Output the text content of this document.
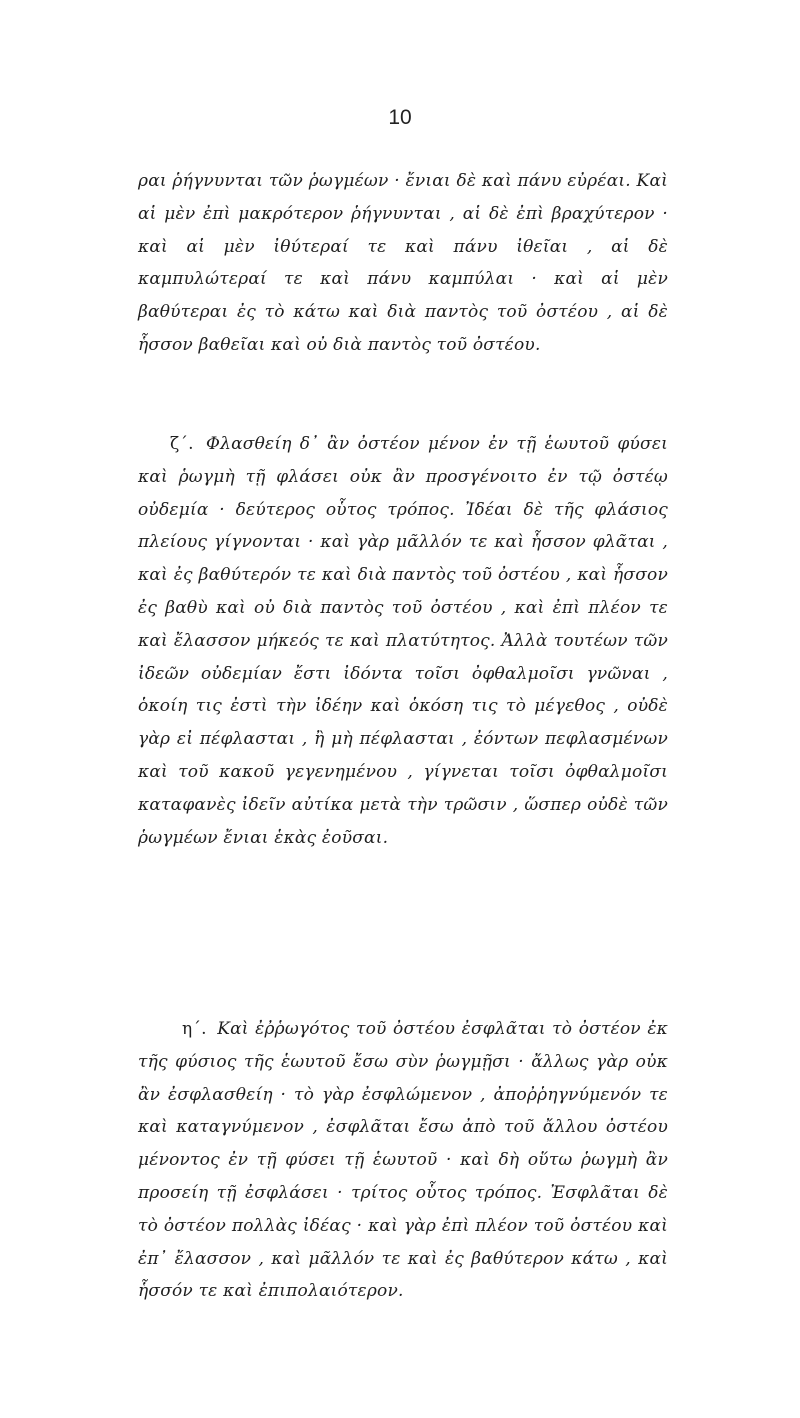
10

ραι ῥήγνυνται τῶν ῥωγμέων · ἔνιαι δὲ καὶ πάνυ εὐρέαι. Καὶ αἱ μὲν ἐπὶ μακρότερον ῥήγνυνται , αἱ δὲ ἐπὶ βραχύτερον · καὶ αἱ μὲν ἰθύτεραί τε καὶ πάνυ ἰθεῖαι , αἱ δὲ καμπυλώτεραί τε καὶ πάνυ καμπύλαι · καὶ αἱ μὲν βαθύτεραι ἐς τὸ κάτω καὶ διὰ παντὸς τοῦ ὀστέου , αἱ δὲ ἧσσον βαθεῖαι καὶ οὐ διὰ παντὸς τοῦ ὀστέου.

ζ΄. Φλασθείη δ᾽ ἂν ὀστέον μένον ἐν τῇ ἑωυτοῦ φύσει καὶ ῥωγμὴ τῇ φλάσει οὐκ ἂν προσγένοιτο ἐν τῷ ὀστέῳ οὐδεμία · δεύτερος οὗτος τρόπος. Ἰδέαι δὲ τῆς φλάσιος πλείους γίγνονται · καὶ γὰρ μᾶλλόν τε καὶ ἧσσον φλᾶται , καὶ ἐς βαθύτερόν τε καὶ διὰ παντὸς τοῦ ὀστέου , καὶ ἧσσον ἐς βαθὺ καὶ οὐ διὰ παντὸς τοῦ ὀστέου , καὶ ἐπὶ πλέον τε καὶ ἔλασσον μήκεός τε καὶ πλατύτητος. Ἀλλὰ τουτέων τῶν ἰδεῶν οὐδεμίαν ἔστι ἰδόντα τοῖσι ὀφθαλμοῖσι γνῶναι , ὁκοίη τις ἐστὶ τὴν ἰδέην καὶ ὁκόση τις τὸ μέγεθος , οὐδὲ γὰρ εἰ πέφλασται , ἢ μὴ πέφλασται , ἐόντων πεφλασμένων καὶ τοῦ κακοῦ γεγενημένου , γίγνεται τοῖσι ὀφθαλμοῖσι καταφανὲς ἰδεῖν αὐτίκα μετὰ τὴν τρῶσιν , ὥσπερ οὐδὲ τῶν ῥωγμέων ἔνιαι ἑκὰς ἐοῦσαι.

η΄. Καὶ ἐῤῥωγότος τοῦ ὀστέου ἐσφλᾶται τὸ ὀστέον ἐκ τῆς φύσιος τῆς ἑωυτοῦ ἔσω σὺν ῥωγμῇσι · ἄλλως γὰρ οὐκ ἂν ἐσφλασθείη · τὸ γὰρ ἐσφλώμενον , ἀποῤῥηγνύμενόν τε καὶ καταγνύμενον , ἐσφλᾶται ἔσω ἀπὸ τοῦ ἄλλου ὀστέου μένοντος ἐν τῇ φύσει τῇ ἑωυτοῦ · καὶ δὴ οὕτω ῥωγμὴ ἂν προσείη τῇ ἐσφλάσει · τρίτος οὗτος τρόπος. Ἐσφλᾶται δὲ τὸ ὀστέον πολλὰς ἰδέας · καὶ γὰρ ἐπὶ πλέον τοῦ ὀστέου καὶ ἐπ᾽ ἔλασσον , καὶ μᾶλλόν τε καὶ ἐς βαθύτερον κάτω , καὶ ἧσσόν τε καὶ ἐπιπολαιότερον.
